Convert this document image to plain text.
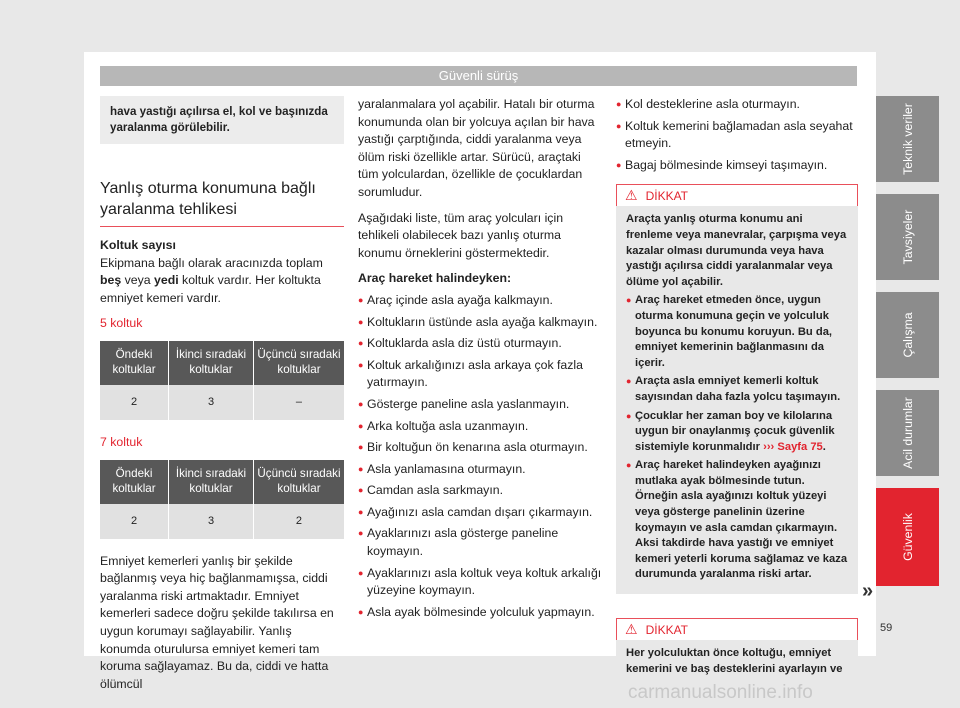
Güvenli sürüş
hava yastığı açılırsa el, kol ve başınızda yaralanma görülebilir.
Yanlış oturma konumuna bağlı yaralanma tehlikesi

Koltuk sayısı

Ekipmana bağlı olarak aracınızda toplam beş veya yedi koltuk vardır. Her koltukta emniyet kemeri vardır.

5 koltuk

Öndeki koltuklar	İkinci sıradaki koltuklar	Üçüncü sıradaki koltuklar
2	3	–

7 koltuk

Öndeki koltuklar	İkinci sıradaki koltuklar	Üçüncü sıradaki koltuklar
2	3	2

Emniyet kemerleri yanlış bir şekilde bağlanmış veya hiç bağlanmamışsa, ciddi yaralanma riski artmaktadır. Emniyet kemerleri sadece doğru şekilde takılırsa en uygun korumayı sağlayabilir. Yanlış konumda oturulursa emniyet kemeri tam koruma sağlayamaz. Bu da, ciddi ve hatta ölümcül

yaralanmalara yol açabilir. Hatalı bir oturma konumunda olan bir yolcuya açılan bir hava yastığı çarptığında, ciddi yaralanma veya ölüm riski özellikle artar. Sürücü, araçtaki tüm yolculardan, özellikle de çocuklardan sorumludur.

Aşağıdaki liste, tüm araç yolcuları için tehlikeli olabilecek bazı yanlış oturma konumu örneklerini göstermektedir.

Araç hareket halindeyken:

● Araç içinde asla ayağa kalkmayın.
● Koltukların üstünde asla ayağa kalkmayın.
● Koltuklarda asla diz üstü oturmayın.
● Koltuk arkalığınızı asla arkaya çok fazla yatırmayın.
● Gösterge paneline asla yaslanmayın.
● Arka koltuğa asla uzanmayın.
● Bir koltuğun ön kenarına asla oturmayın.
● Asla yanlamasına oturmayın.
● Camdan asla sarkmayın.
● Ayağınızı asla camdan dışarı çıkarmayın.
● Ayaklarınızı asla gösterge paneline koymayın.
● Ayaklarınızı asla koltuk veya koltuk arkalığı yüzeyine koymayın.
● Asla ayak bölmesinde yolculuk yapmayın.
● Kol desteklerine asla oturmayın.
● Koltuk kemerini bağlamadan asla seyahat etmeyin.
● Bagaj bölmesinde kimseyi taşımayın.
⚠ DİKKAT

Araçta yanlış oturma konumu ani frenleme veya manevralar, çarpışma veya kazalar olması durumunda veya hava yastığı açılırsa ciddi yaralanmalar veya ölüme yol açabilir.

● Araç hareket etmeden önce, uygun oturma konumuna geçin ve yolculuk boyunca bu konumu koruyun. Bu da, emniyet kemerinin bağlanmasını da içerir.
● Araçta asla emniyet kemerli koltuk sayısından daha fazla yolcu taşımayın.
● Çocuklar her zaman boy ve kilolarına uygun bir onaylanmış çocuk güvenlik sistemiyle korunmalıdır ››› Sayfa 75.
● Araç hareket halindeyken ayağınızı mutlaka ayak bölmesinde tutun. Örneğin asla ayağınızı koltuk yüzeyi veya gösterge panelinin üzerine koymayın ve asla camdan çıkarmayın. Aksi takdirde hava yastığı ve emniyet kemeri yeterli koruma sağlamaz ve kaza durumunda yaralanma riski artar.
⚠ DİKKAT
Her yolculuktan önce koltuğu, emniyet kemerini ve baş desteklerini ayarlayın ve
Teknik veriler
Tavsiyeler
Çalışma
Acil durumlar
Güvenlik
»
59
carmanualsonline.info
